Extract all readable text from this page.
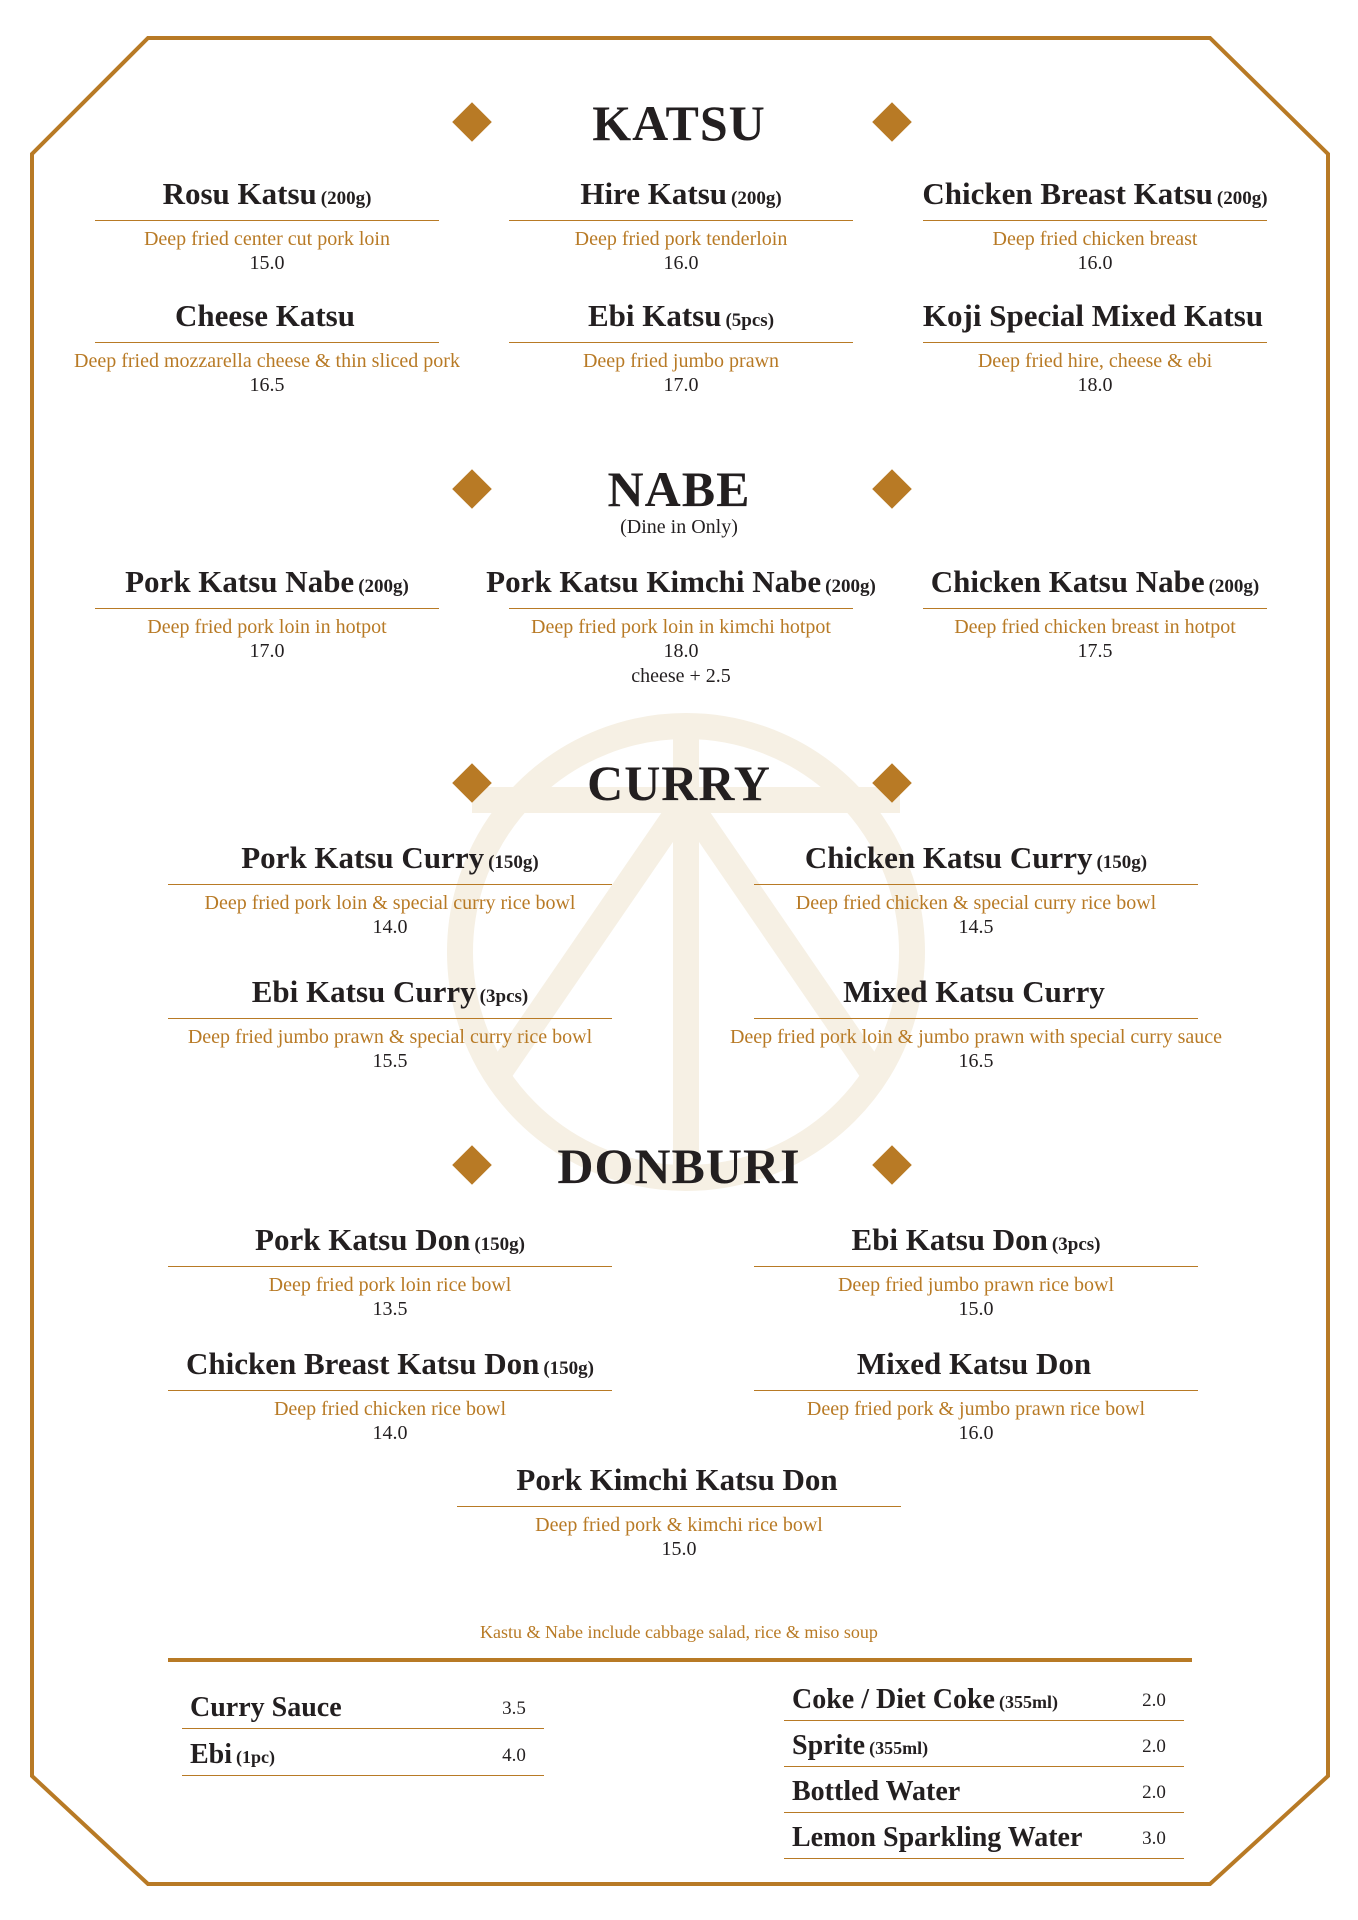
KATSU
Rosu Katsu (200g)
Deep fried center cut pork loin
15.0
Hire Katsu (200g)
Deep fried pork tenderloin
16.0
Chicken Breast Katsu (200g)
Deep fried chicken breast
16.0
Cheese Katsu
Deep fried mozzarella cheese & thin sliced pork
16.5
Ebi Katsu (5pcs)
Deep fried jumbo prawn
17.0
Koji Special Mixed Katsu
Deep fried hire, cheese & ebi
18.0
NABE
(Dine in Only)
Pork Katsu Nabe (200g)
Deep fried pork loin in hotpot
17.0
Pork Katsu Kimchi Nabe (200g)
Deep fried pork loin in kimchi hotpot
18.0
cheese + 2.5
Chicken Katsu Nabe (200g)
Deep fried chicken breast in hotpot
17.5
CURRY
Pork Katsu Curry (150g)
Deep fried pork loin & special curry rice bowl
14.0
Chicken Katsu Curry (150g)
Deep fried chicken & special curry rice bowl
14.5
Ebi Katsu Curry (3pcs)
Deep fried jumbo prawn & special curry rice bowl
15.5
Mixed Katsu Curry
Deep fried pork loin & jumbo prawn with special curry sauce
16.5
DONBURI
Pork Katsu Don (150g)
Deep fried pork loin rice bowl
13.5
Ebi Katsu Don (3pcs)
Deep fried jumbo prawn rice bowl
15.0
Chicken Breast Katsu Don (150g)
Deep fried chicken rice bowl
14.0
Mixed Katsu Don
Deep fried pork & jumbo prawn rice bowl
16.0
Pork Kimchi Katsu Don
Deep fried pork & kimchi rice bowl
15.0
Kastu & Nabe include cabbage salad, rice & miso soup
Curry Sauce	3.5
Ebi (1pc)	4.0
Coke / Diet Coke (355ml)	2.0
Sprite (355ml)	2.0
Bottled Water	2.0
Lemon Sparkling Water	3.0
